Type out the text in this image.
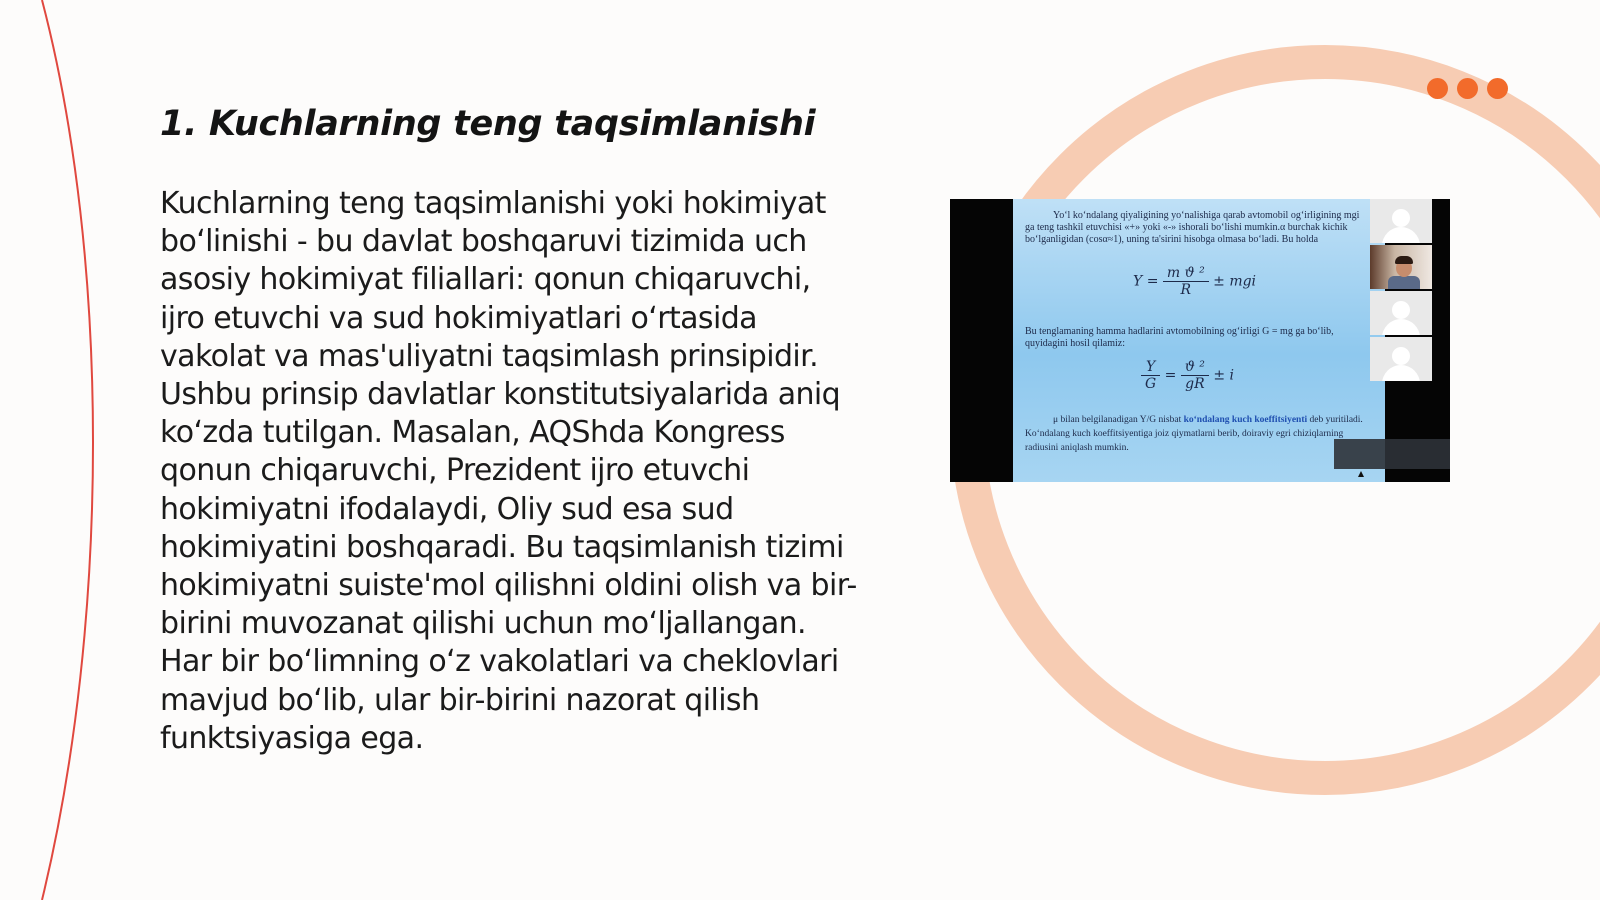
1. Kuchlarning teng taqsimlanishi

Kuchlarning teng taqsimlanishi yoki hokimiyat boʻlinishi - bu davlat boshqaruvi tizimida uch asosiy hokimiyat filiallari: qonun chiqaruvchi, ijro etuvchi va sud hokimiyatlari oʻrtasida vakolat va mas'uliyatni taqsimlash prinsipidir. Ushbu prinsip davlatlar konstitutsiyalarida aniq koʻzda tutilgan. Masalan, AQShda Kongress qonun chiqaruvchi, Prezident ijro etuvchi hokimiyatni ifodalaydi, Oliy sud esa sud hokimiyatini boshqaradi. Bu taqsimlanish tizimi hokimiyatni suiste'mol qilishni oldini olish va bir-birini muvozanat qilishi uchun moʻljallangan. Har bir boʻlimning oʻz vakolatlari va cheklovlari mavjud boʻlib, ular bir-birini nazorat qilish funktsiyasiga ega.

Yoʻl koʻndalang qiyaligining yoʻnalishiga qarab avtomobil ogʻirligining mgi ga teng tashkil etuvchisi «+» yoki «-» ishorali boʻlishi mumkin.α burchak kichik boʻlganligidan (cosα≈1), uning ta'sirini hisobga olmasa boʻladi. Bu holda

$Y = \frac{\text{m ϑ ²}}{R}$ ± mgi

Bu tenglamaning hamma hadlarini avtomobilning ogʻirligi G = mg ga boʻlib, quyidagini hosil qilamiz:

$\frac{Y}{G} = \frac{\text{ϑ ²}}{gR} \pm i$

μ bilan belgilanadigan Y/G nisbat koʻndalang kuch koeffitsiyenti deb yuritiladi. Koʻndalang kuch koeffitsiyentiga joiz qiymatlarni berib, doiraviy egri chiziqlarning radiusini aniqlash mumkin.
